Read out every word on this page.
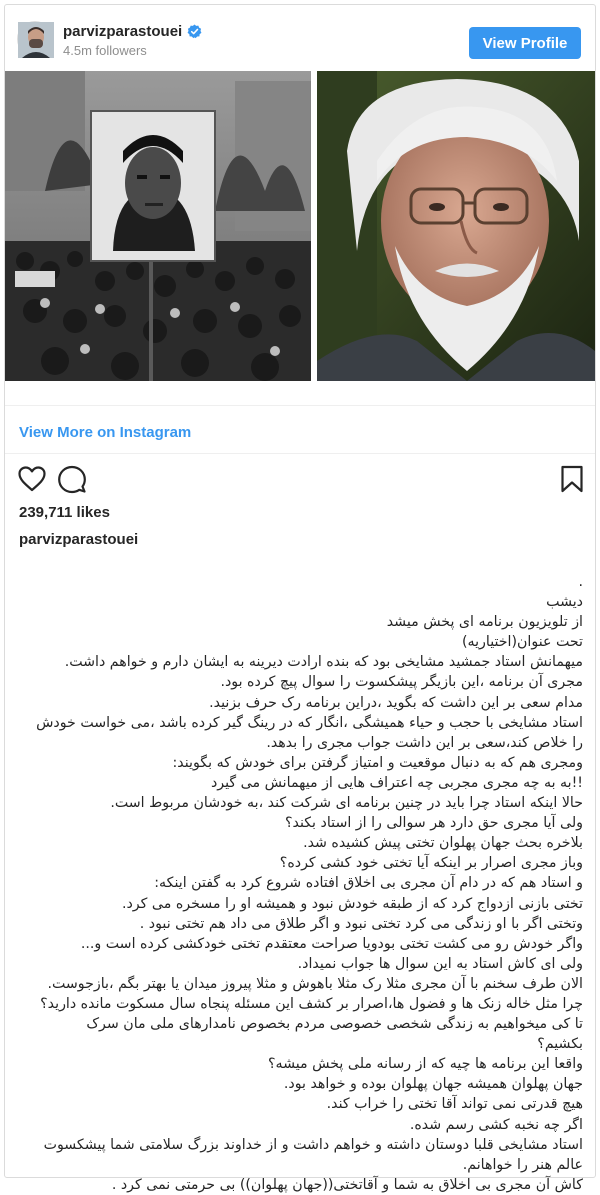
parvizparastouei
4.5m followers	View Profile
View More on Instagram
239,711 likes
parvizparastouei
.
دیشب
از تلویزیون برنامه ای پخش میشد
تحت عنوان(اختیاریه)
میهمانش استاد جمشید مشایخی بود که بنده ارادت دیرینه به ایشان دارم و خواهم داشت.
مجری آن برنامه ،این بازیگر پیشکسوت را سوال پیچ کرده بود.
مدام سعی بر این داشت که بگوید ،دراین برنامه رک حرف بزنید.
استاد مشایخی با حجب و حیاء همیشگی ،انگار که در رینگ گیر کرده باشد ،می خواست خودش
را خلاص کند،سعی بر این داشت جواب مجری را بدهد.
ومجری هم که به دنبال موقعیت و امتیاز گرفتن برای خودش که بگویند:
!!به به چه مجری مجربی چه اعتراف هایی از میهمانش می گیرد
حالا اینکه استاد چرا باید در چنین برنامه ای شرکت کند ،به خودشان مربوط است.
ولی آیا مجری حق دارد هر سوالی را از استاد بکند؟
بلاخره بحث جهان پهلوان تختی پیش کشیده شد.
وباز مجری اصرار بر اینکه آیا تختی خود کشی کرده؟
و استاد هم که در دام آن مجری بی اخلاق افتاده شروع کرد به گفتن اینکه:
تختی بازنی ازدواج کرد که از طبقه خودش نبود و همیشه او را مسخره می کرد.
وتختی اگر با او زندگی می کرد تختی نبود و اگر طلاق می داد هم تختی نبود .
واگر خودش رو می کشت تختی بودویا صراحت معتقدم تختی خودکشی کرده است و...
ولی ای کاش استاد به این سوال ها جواب نمیداد.
الان طرف سخنم با آن مجری مثلا رک مثلا باهوش و مثلا پیروز میدان یا بهتر بگم ،بازجوست.
چرا مثل خاله زنک ها و فضول ها،اصرار بر کشف این مسئله پنجاه سال مسکوت مانده دارید؟
تا کی میخواهیم به زندگی شخصی خصوصی مردم بخصوص نامدارهای ملی مان سرک
بکشیم؟
واقعا این برنامه ها چیه که از رسانه ملی پخش میشه؟
جهان پهلوان همیشه جهان پهلوان بوده و خواهد بود.
هیچ قدرتی نمی تواند آقا تختی را خراب کند.
اگر چه نخبه کشی رسم شده.
استاد مشایخی قلبا دوستان داشته و خواهم داشت و از خداوند بزرگ سلامتی شما پیشکسوت
عالم هنر را خواهانم.
کاش آن مجری بی اخلاق به شما و آقاتختی((جهان پهلوان)) بی حرمتی نمی کرد .
